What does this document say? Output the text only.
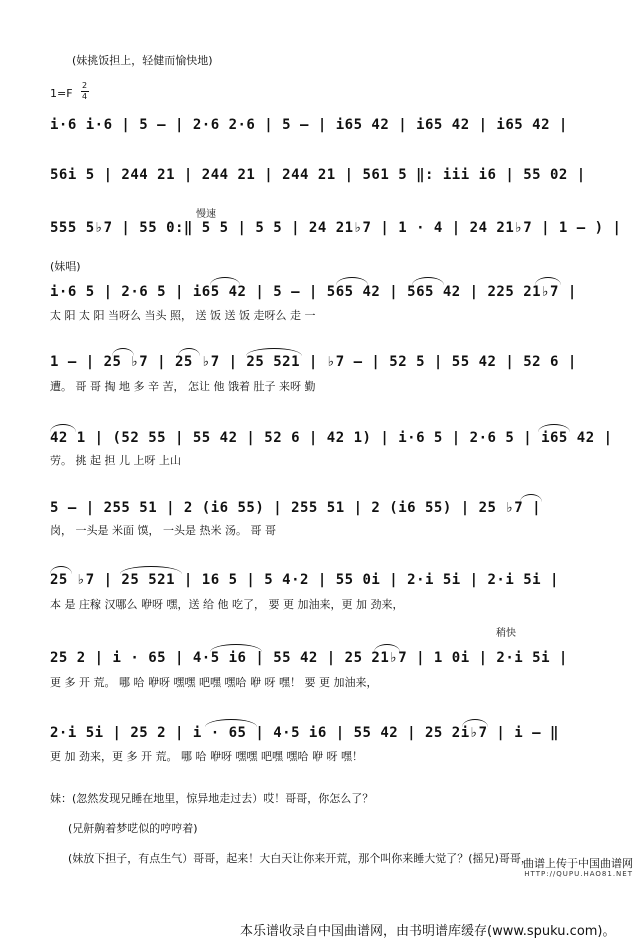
(妹挑饭担上，轻健而愉快地)
1=F
2
4
i·6 i·6 | 5 – | 2·6 2·6 | 5 – | i65 42 | i65 42 | i65 42 |
56i 5 | 244 21 | 244 21 | 244 21 | 561 5 ‖: iii i6 | 55 02 |
慢速
555 5♭7 | 55 0:‖ 5 5 | 5 5 | 24 21♭7 | 1 · 4 | 24 21♭7 | 1 – ) |
(妹唱)
i·6 5 | 2·6 5 | i65 42 | 5 – | 565 42 | 565 42 | 225 21♭7 |
太 阳 太 阳 当呀么 当头 照， 送 饭 送 饭 走呀么 走 一
1 – | 25 ♭7 | 25 ♭7 | 25 521 | ♭7 – | 52 5 | 55 42 | 52 6 |
遭。 哥 哥 掏 地 多 辛 苦， 怎让 他 饿着 肚子 来呀 勤
42 1 | (52 55 | 55 42 | 52 6 | 42 1) | i·6 5 | 2·6 5 | i65 42 |
劳。 挑 起 担 儿 上呀 上山
5 – | 255 51 | 2 (i6 55) | 255 51 | 2 (i6 55) | 25 ♭7 |
岗， 一头是 米面 馍， 一头是 热米 汤。 哥 哥
25 ♭7 | 25 521 | 16 5 | 5 4·2 | 55 0i | 2·i 5i | 2·i 5i |
本 是 庄稼 汉哪么 咿呀 嘿，送 给 他 吃了， 要 更 加油来，更 加 劲来，
稍快
25 2 | i · 65 | 4·5 i6 | 55 42 | 25 21♭7 | 1 0i | 2·i 5i |
更 多 开 荒。 哪 哈 咿呀 嘿嘿 吧嘿 嘿哈 咿 呀 嘿！ 要 更 加油来，
2·i 5i | 25 2 | i · 65 | 4·5 i6 | 55 42 | 25 2i♭7 | i – ‖
更 加 劲来，更 多 开 荒。 哪 哈 咿呀 嘿嘿 吧嘿 嘿哈 咿 呀 嘿！
妹：(忽然发现兄睡在地里，惊异地走过去）哎！哥哥，你怎么了？
(兄鼾齁着梦呓似的哼哼着)
(妹放下担子，有点生气）哥哥，起来！大白天让你来开荒，那个叫你来睡大觉了？(摇兄)哥哥，
曲谱上传于中国曲谱网
HTTP://QUPU.HAO81.NET
本乐谱收录自中国曲谱网，由书明谱库缓存(www.spuku.com)。
